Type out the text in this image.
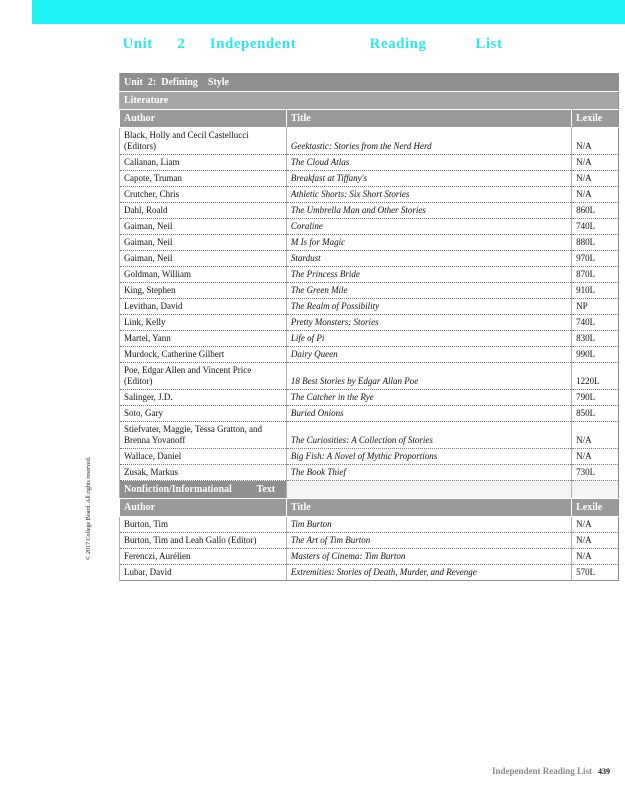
Unit  2  Independent      Reading    List
© 2017 College Board. All rights reserved.
Unit  2:  Defining    Style		
Literature		
Author	Title	Lexile
Black, Holly and Cecil Castellucci (Editors)	Geektastic: Stories from the Nerd Herd	N/A
Callanan, Liam	The Cloud Atlas	N/A
Capote, Truman	Breakfast at Tiffany's	N/A
Crutcher, Chris	Athletic Shorts: Six Short Stories	N/A
Dahl, Roald	The Umbrella Man and Other Stories	860L
Gaiman, Neil	Coraline	740L
Gaiman, Neil	M Is for Magic	880L
Gaiman, Neil	Stardust	970L
Goldman, William	The Princess Bride	870L
King, Stephen	The Green Mile	910L
Levithan, David	The Realm of Possibility	NP
Link, Kelly	Pretty Monsters: Stories	740L
Martel, Yann	Life of Pi	830L
Murdock, Catherine Gilbert	Dairy Queen	990L
Poe, Edgar Allen and Vincent Price (Editor)	18 Best Stories by Edgar Allan Poe	1220L
Salinger, J.D.	The Catcher in the Rye	790L
Soto, Gary	Buried Onions	850L
Stiefvater, Maggie, Tessa Gratton, and Brenna Yovanoff	The Curiosities: A Collection of Stories	N/A
Wallace, Daniel	Big Fish: A Novel of Mythic Proportions	N/A
Zusak, Markus	The Book Thief	730L
Nonfiction/Informational          Text		
Author	Title	Lexile
Burton, Tim	Tim Burton	N/A
Burton, Tim and Leah Gallo (Editor)	The Art of Tim Burton	N/A
Ferenczi, Aurélien	Masters of Cinema: Tim Burton	N/A
Lubar, David	Extremities: Stories of Death, Murder, and Revenge	570L
Independent Reading List 439
